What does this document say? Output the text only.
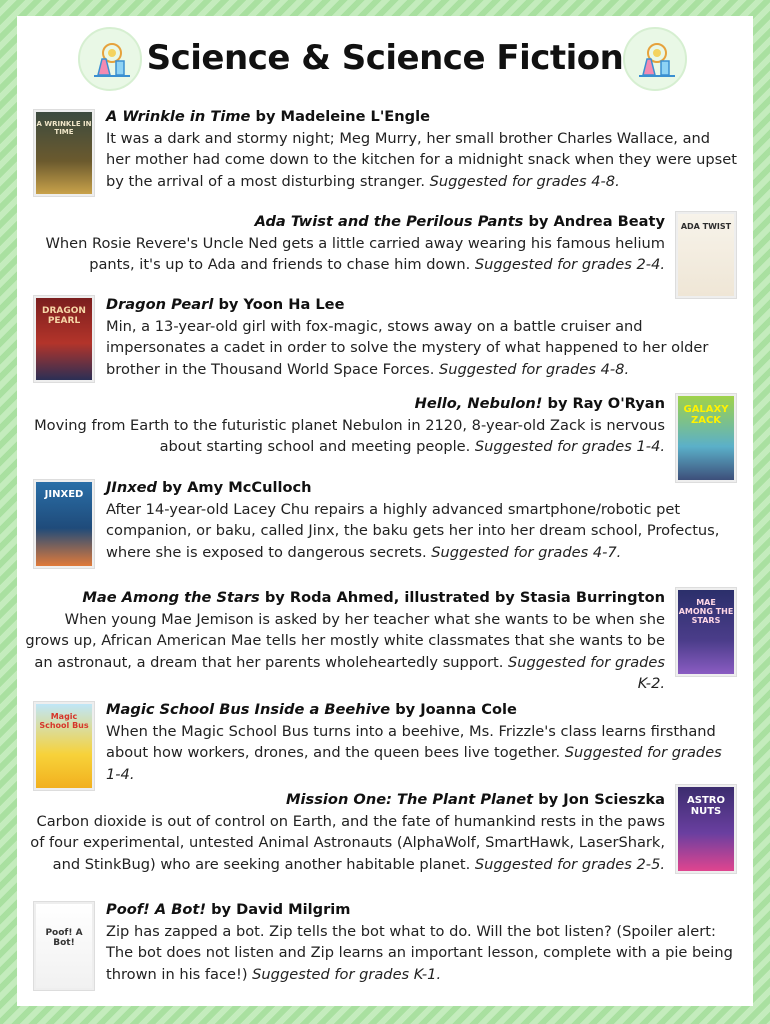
Science & Science Fiction
A WRINKLE IN TIME
A Wrinkle in Time by Madeleine L'Engle
It was a dark and stormy night; Meg Murry, her small brother Charles Wallace, and her mother had come down to the kitchen for a midnight snack when they were upset by the arrival of a most disturbing stranger. Suggested for grades 4-8.
ADA TWIST
Ada Twist and the Perilous Pants by Andrea Beaty
When Rosie Revere's Uncle Ned gets a little carried away wearing his famous helium pants, it's up to Ada and friends to chase him down. Suggested for grades 2-4.
DRAGON PEARL
Dragon Pearl by Yoon Ha Lee
Min, a 13-year-old girl with fox-magic, stows away on a battle cruiser and impersonates a cadet in order to solve the mystery of what happened to her older brother in the Thousand World Space Forces. Suggested for grades 4-8.
GALAXY ZACK
Hello, Nebulon! by Ray O'Ryan
Moving from Earth to the futuristic planet Nebulon in 2120, 8-year-old Zack is nervous about starting school and meeting people. Suggested for grades 1-4.
JINXED	JInxed by Amy McCulloch
After 14-year-old Lacey Chu repairs a highly advanced smartphone/robotic pet companion, or baku, called Jinx, the baku gets her into her dream school, Profectus, where she is exposed to dangerous secrets. Suggested for grades 4-7.
MAE AMONG THE STARS
Mae Among the Stars by Roda Ahmed, illustrated by Stasia Burrington
When young Mae Jemison is asked by her teacher what she wants to be when she grows up, African American Mae tells her mostly white classmates that she wants to be an astronaut, a dream that her parents wholeheartedly support. Suggested for grades K-2.
Magic School Bus
Magic School Bus Inside a Beehive by Joanna Cole
When the Magic School Bus turns into a beehive, Ms. Frizzle's class learns firsthand about how workers, drones, and the queen bees live together. Suggested for grades 1-4.
ASTRO NUTS
Mission One: The Plant Planet by Jon Scieszka
Carbon dioxide is out of control on Earth, and the fate of humankind rests in the paws of four experimental, untested Animal Astronauts (AlphaWolf, SmartHawk, LaserShark, and StinkBug) who are seeking another habitable planet. Suggested for grades 2-5.
Poof! A Bot!
Poof! A Bot! by David Milgrim
Zip has zapped a bot. Zip tells the bot what to do. Will the bot listen? (Spoiler alert: The bot does not listen and Zip learns an important lesson, complete with a pie being thrown in his face!) Suggested for grades K-1.
